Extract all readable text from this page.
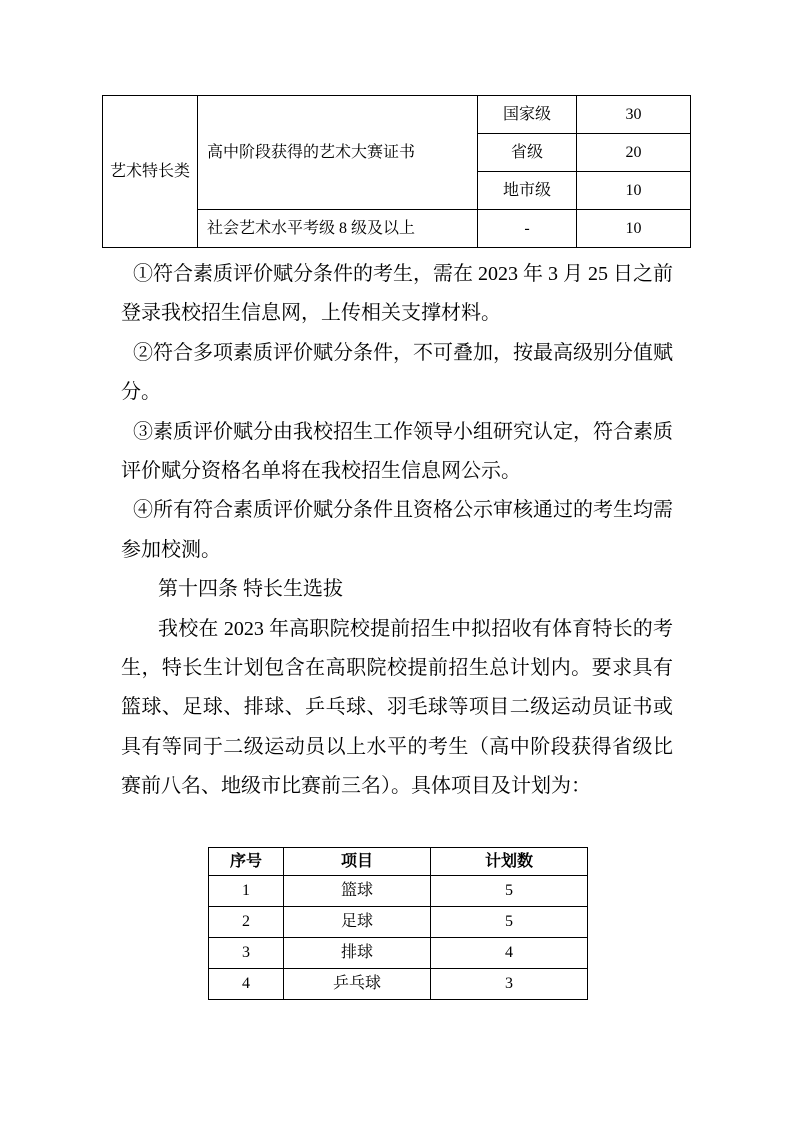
艺术特长类	高中阶段获得的艺术大赛证书	国家级	30
		省级	20
		地市级	10
	社会艺术水平考级 8 级及以上	-	10

①符合素质评价赋分条件的考生，需在 2023 年 3 月 25 日之前登录我校招生信息网，上传相关支撑材料。

②符合多项素质评价赋分条件，不可叠加，按最高级别分值赋分。

③素质评价赋分由我校招生工作领导小组研究认定，符合素质评价赋分资格名单将在我校招生信息网公示。

④所有符合素质评价赋分条件且资格公示审核通过的考生均需参加校测。

第十四条 特长生选拔

我校在 2023 年高职院校提前招生中拟招收有体育特长的考生，特长生计划包含在高职院校提前招生总计划内。要求具有篮球、足球、排球、乒乓球、羽毛球等项目二级运动员证书或具有等同于二级运动员以上水平的考生（高中阶段获得省级比赛前八名、地级市比赛前三名）。具体项目及计划为：

序号	项目	计划数
1	篮球	5
2	足球	5
3	排球	4
4	乒乓球	3
